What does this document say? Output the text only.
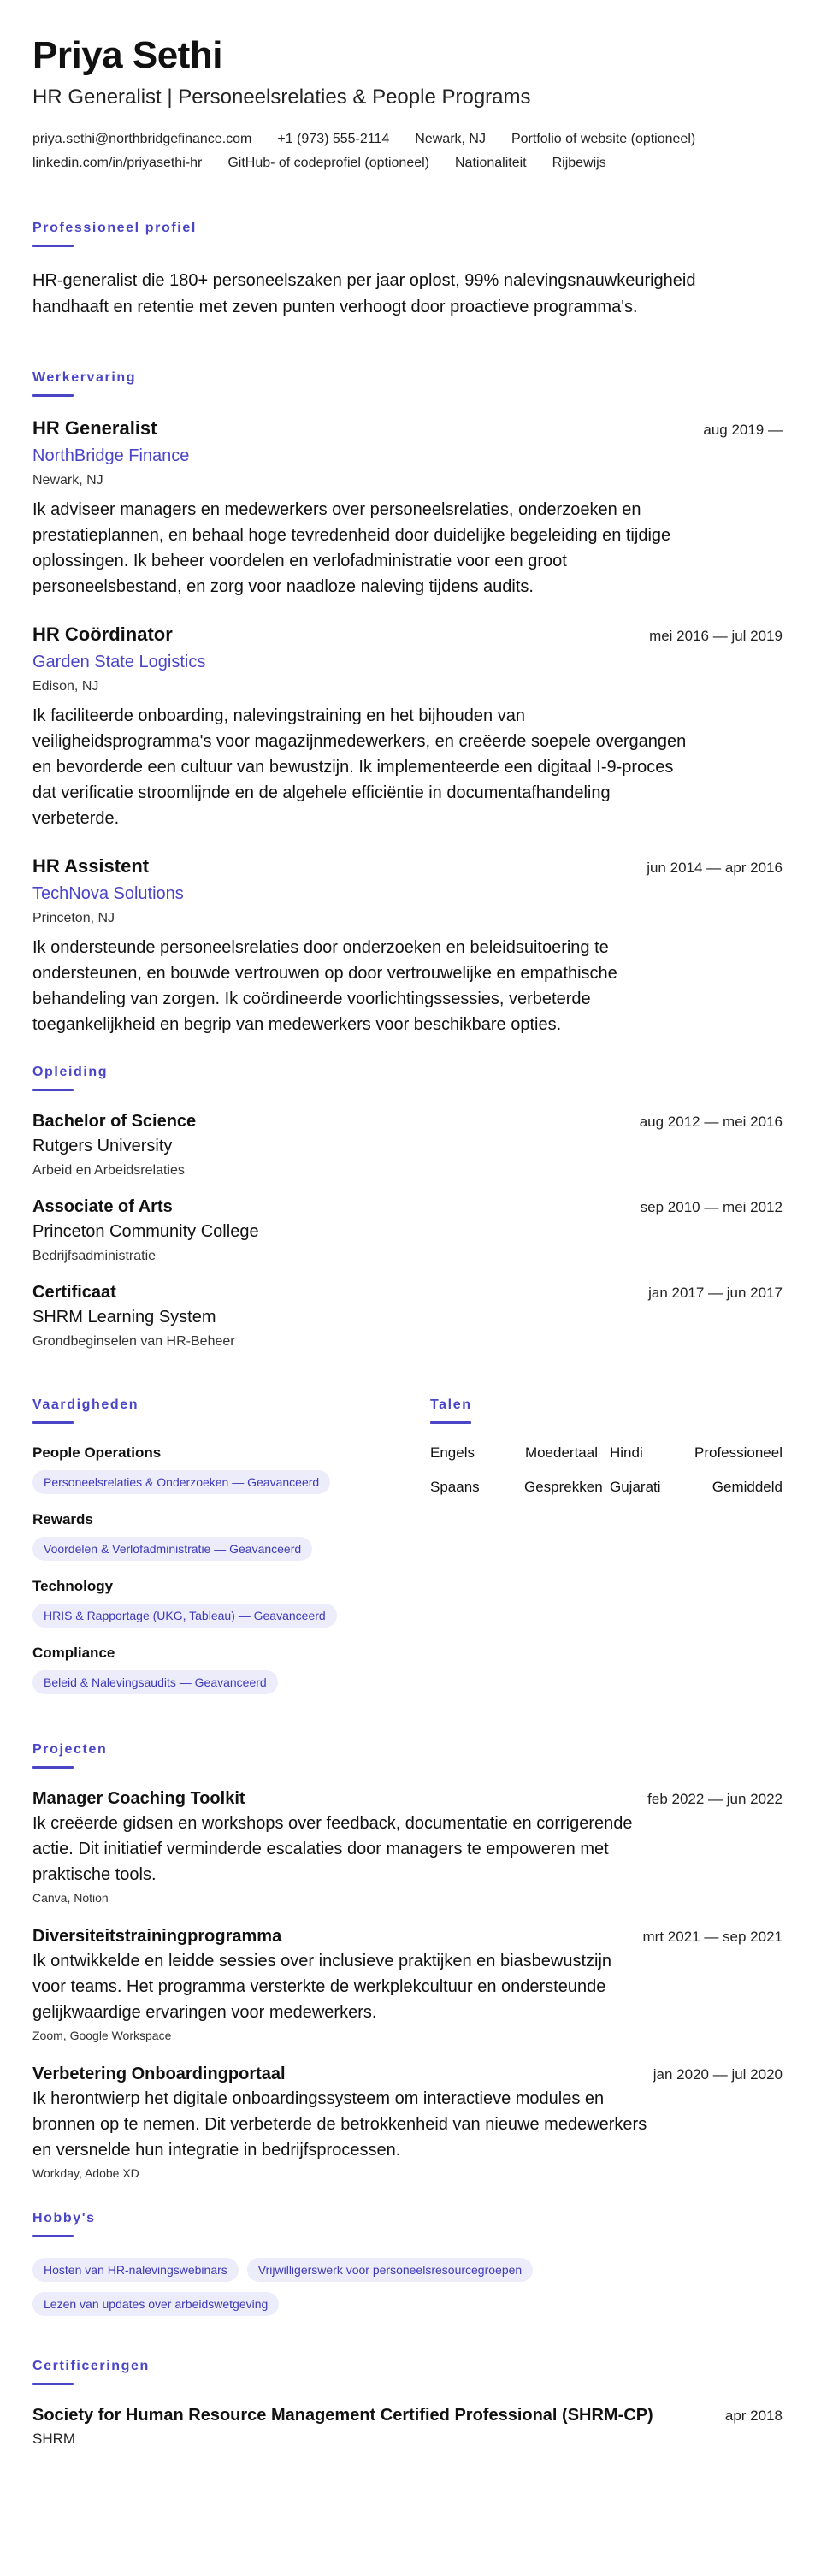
Priya Sethi
HR Generalist | Personeelsrelaties & People Programs
priya.sethi@northbridgefinance.com +1 (973) 555-2114 Newark, NJ Portfolio of website (optioneel)
linkedin.com/in/priyasethi-hr GitHub- of codeprofiel (optioneel) Nationaliteit Rijbewijs
Professioneel profiel
HR-generalist die 180+ personeelszaken per jaar oplost, 99% nalevingsnauwkeurigheid handhaaft en retentie met zeven punten verhoogt door proactieve programma's.
Werkervaring
HR Generalist	aug 2019 —
NorthBridge Finance
Newark, NJ
Ik adviseer managers en medewerkers over personeelsrelaties, onderzoeken en prestatieplannen, en behaal hoge tevredenheid door duidelijke begeleiding en tijdige oplossingen. Ik beheer voordelen en verlofadministratie voor een groot personeelsbestand, en zorg voor naadloze naleving tijdens audits.
HR Coördinator	mei 2016 — jul 2019
Garden State Logistics
Edison, NJ
Ik faciliteerde onboarding, nalevingstraining en het bijhouden van veiligheidsprogramma's voor magazijnmedewerkers, en creëerde soepele overgangen en bevorderde een cultuur van bewustzijn. Ik implementeerde een digitaal I-9-proces dat verificatie stroomlijnde en de algehele efficiëntie in documentafhandeling verbeterde.
HR Assistent	jun 2014 — apr 2016
TechNova Solutions
Princeton, NJ
Ik ondersteunde personeelsrelaties door onderzoeken en beleidsuitoering te ondersteunen, en bouwde vertrouwen op door vertrouwelijke en empathische behandeling van zorgen. Ik coördineerde voorlichtingssessies, verbeterde toegankelijkheid en begrip van medewerkers voor beschikbare opties.
Opleiding
Bachelor of Science	aug 2012 — mei 2016
Rutgers University
Arbeid en Arbeidsrelaties
Associate of Arts	sep 2010 — mei 2012
Princeton Community College
Bedrijfsadministratie
Certificaat	jan 2017 — jun 2017
SHRM Learning System
Grondbeginselen van HR-Beheer
Vaardigheden
People Operations
Personeelsrelaties & Onderzoeken — Geavanceerd
Rewards
Voordelen & Verlofadministratie — Geavanceerd
Technology
HRIS & Rapportage (UKG, Tableau) — Geavanceerd
Compliance
Beleid & Nalevingsaudits — Geavanceerd
Talen
Engels	Moedertaal Hindi	Professioneel
Spaans	Gesprekken Gujarati	Gemiddeld
Projecten
Manager Coaching Toolkit	feb 2022 — jun 2022
Ik creëerde gidsen en workshops over feedback, documentatie en corrigerende actie. Dit initiatief verminderde escalaties door managers te empoweren met praktische tools.
Canva, Notion
Diversiteitstrainingprogramma	mrt 2021 — sep 2021
Ik ontwikkelde en leidde sessies over inclusieve praktijken en biasbewustzijn voor teams. Het programma versterkte de werkplekcultuur en ondersteunde gelijkwaardige ervaringen voor medewerkers.
Zoom, Google Workspace
Verbetering Onboardingportaal	jan 2020 — jul 2020
Ik herontwierp het digitale onboardingssysteem om interactieve modules en bronnen op te nemen. Dit verbeterde de betrokkenheid van nieuwe medewerkers en versnelde hun integratie in bedrijfsprocessen.
Workday, Adobe XD
Hobby's
Hosten van HR-nalevingswebinars	Vrijwilligerswerk voor personeelsresourcegroepen
Lezen van updates over arbeidswetgeving
Certificeringen
Society for Human Resource Management Certified Professional (SHRM-CP)	apr 2018
SHRM
